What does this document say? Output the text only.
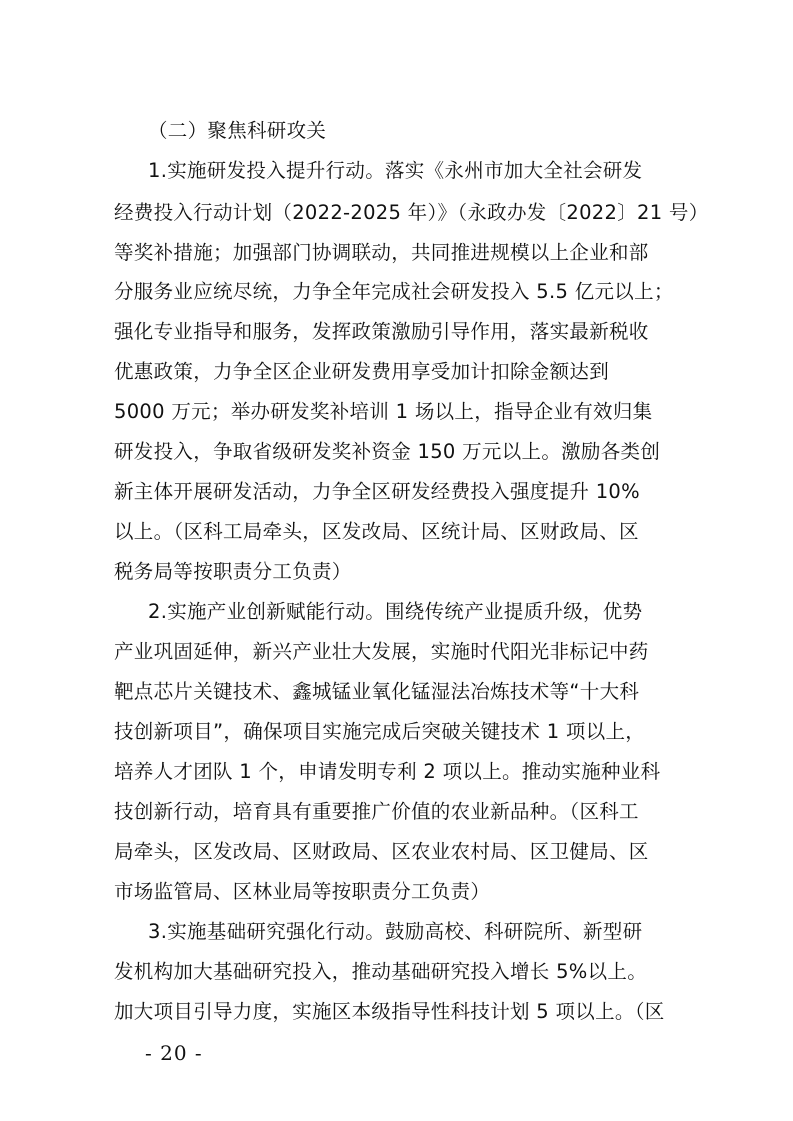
（二）聚焦科研攻关
1.实施研发投入提升行动。落实《永州市加大全社会研发
经费投入行动计划（2022-2025 年）》（永政办发〔2022〕21 号）
等奖补措施；加强部门协调联动，共同推进规模以上企业和部
分服务业应统尽统，力争全年完成社会研发投入 5.5 亿元以上；
强化专业指导和服务，发挥政策激励引导作用，落实最新税收
优惠政策，力争全区企业研发费用享受加计扣除金额达到
5000 万元；举办研发奖补培训 1 场以上，指导企业有效归集
研发投入，争取省级研发奖补资金 150 万元以上。激励各类创
新主体开展研发活动，力争全区研发经费投入强度提升 10%
以上。（区科工局牵头，区发改局、区统计局、区财政局、区
税务局等按职责分工负责）
2.实施产业创新赋能行动。围绕传统产业提质升级，优势
产业巩固延伸，新兴产业壮大发展，实施时代阳光非标记中药
靶点芯片关键技术、鑫城锰业氧化锰湿法冶炼技术等“十大科
技创新项目”，确保项目实施完成后突破关键技术 1 项以上，
培养人才团队 1 个，申请发明专利 2 项以上。推动实施种业科
技创新行动，培育具有重要推广价值的农业新品种。（区科工
局牵头，区发改局、区财政局、区农业农村局、区卫健局、区
市场监管局、区林业局等按职责分工负责）
3.实施基础研究强化行动。鼓励高校、科研院所、新型研
发机构加大基础研究投入，推动基础研究投入增长 5%以上。
加大项目引导力度，实施区本级指导性科技计划 5 项以上。（区
- 20 -
